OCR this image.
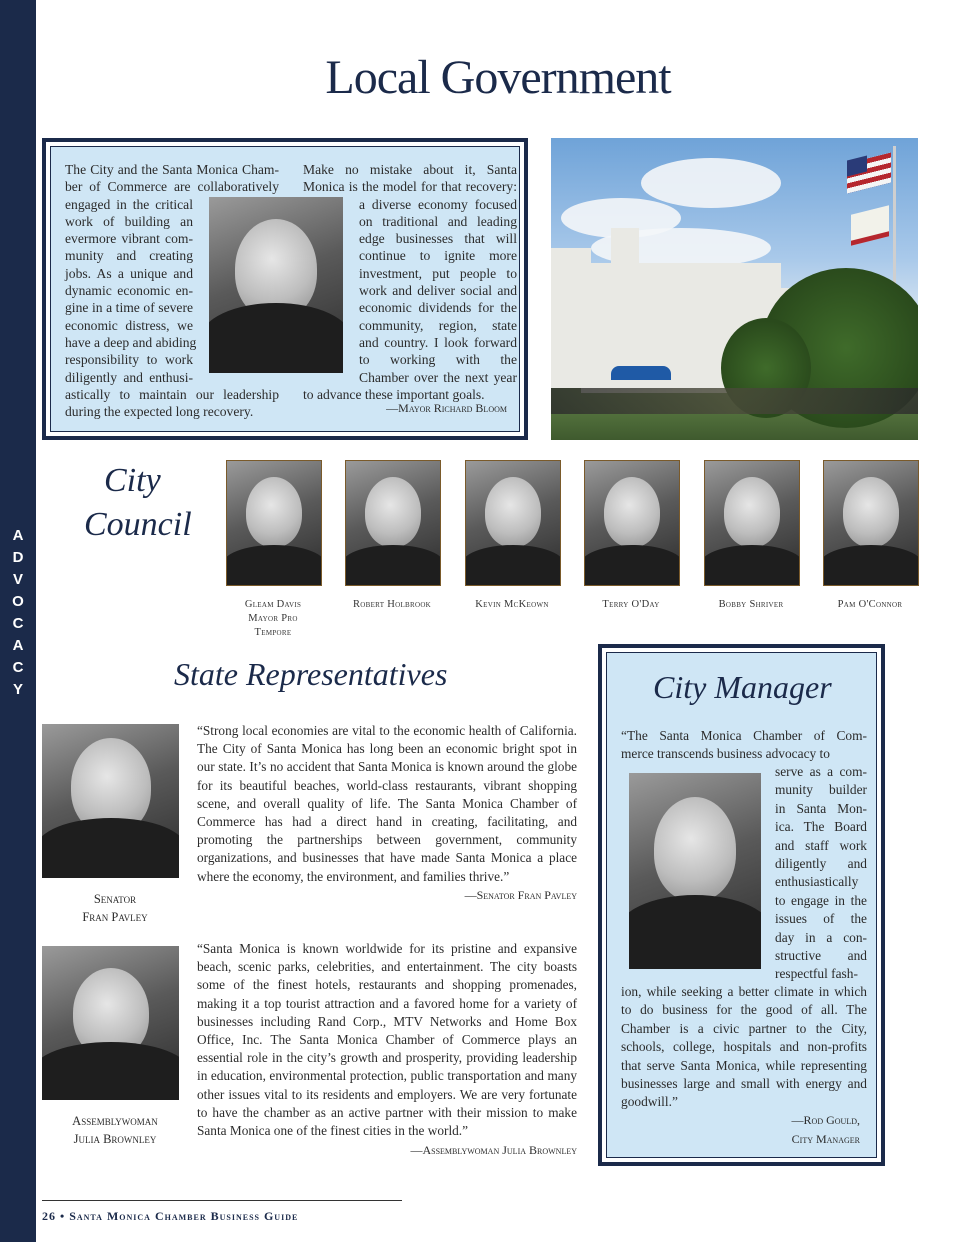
A
D
V
O
C
A
C
Y
Local Government
The City and the Santa Monica Cham-
ber of Commerce are collaboratively
engaged in the critical
work of building an
evermore vibrant com-
munity and creating
jobs. As a unique and
dynamic economic en-
gine in a time of severe
economic distress, we
have a deep and abiding
responsibility to work
diligently and enthusi-
astically to maintain our leadership
during the expected long recovery.
Make no mistake about it, Santa
Monica is the model for that recovery:
a diverse economy focused
on traditional and leading
edge businesses that will
continue to ignite more
investment, put people to
work and deliver social and
economic dividends for the
community, region, state
and country. I look forward
to working with the
Chamber over the next year
to advance these important goals.
—Mayor Richard Bloom
City
Council
Gleam Davis
Mayor Pro Tempore
Robert Holbrook	Kevin McKeown	Terry O'Day	Bobby Shriver	Pam O'Connor
State Representatives
Senator
Fran Pavley
“Strong local economies are vital to the economic health of California. The City of Santa Monica has long been an economic bright spot in our state. It’s no accident that Santa Monica is known around the globe for its beautiful beaches, world-class restaurants, vibrant shopping scene, and overall quality of life. The Santa Monica Chamber of Commerce has had a direct hand in creating, facilitating, and promoting the partnerships between government, community organizations, and businesses that have made Santa Monica a place where the economy, the environment, and families thrive.”
—Senator Fran Pavley
Assemblywoman
Julia Brownley
“Santa Monica is known worldwide for its pristine and expansive beach, scenic parks, celebrities, and entertainment. The city boasts some of the finest hotels, restaurants and shopping promenades, making it a top tourist attraction and a favored home for a variety of businesses including Rand Corp., MTV Networks and Home Box Office, Inc. The Santa Monica Chamber of Commerce plays an essential role in the city’s growth and prosperity, providing leadership in education, environmental protection, public transportation and many other issues vital to its residents and employers. We are very fortunate to have the chamber as an active partner with their mission to make Santa Monica one of the finest cities in the world.”
—Assemblywoman Julia Brownley
City Manager
“The Santa Monica Chamber of Com-
merce transcends business advocacy to
serve as a com-
munity builder
in Santa Mon-
ica. The Board
and staff work
diligently and
enthusiastically
to engage in the
issues of the
day in a con-
structive and
respectful fash-
ion, while seeking a better climate in which to do business for the good of all. The Chamber is a civic partner to the City, schools, college, hospitals and non-profits that serve Santa Monica, while representing businesses large and small with energy and goodwill.”
—Rod Gould,
City Manager
26 • Santa Monica Chamber Business Guide
